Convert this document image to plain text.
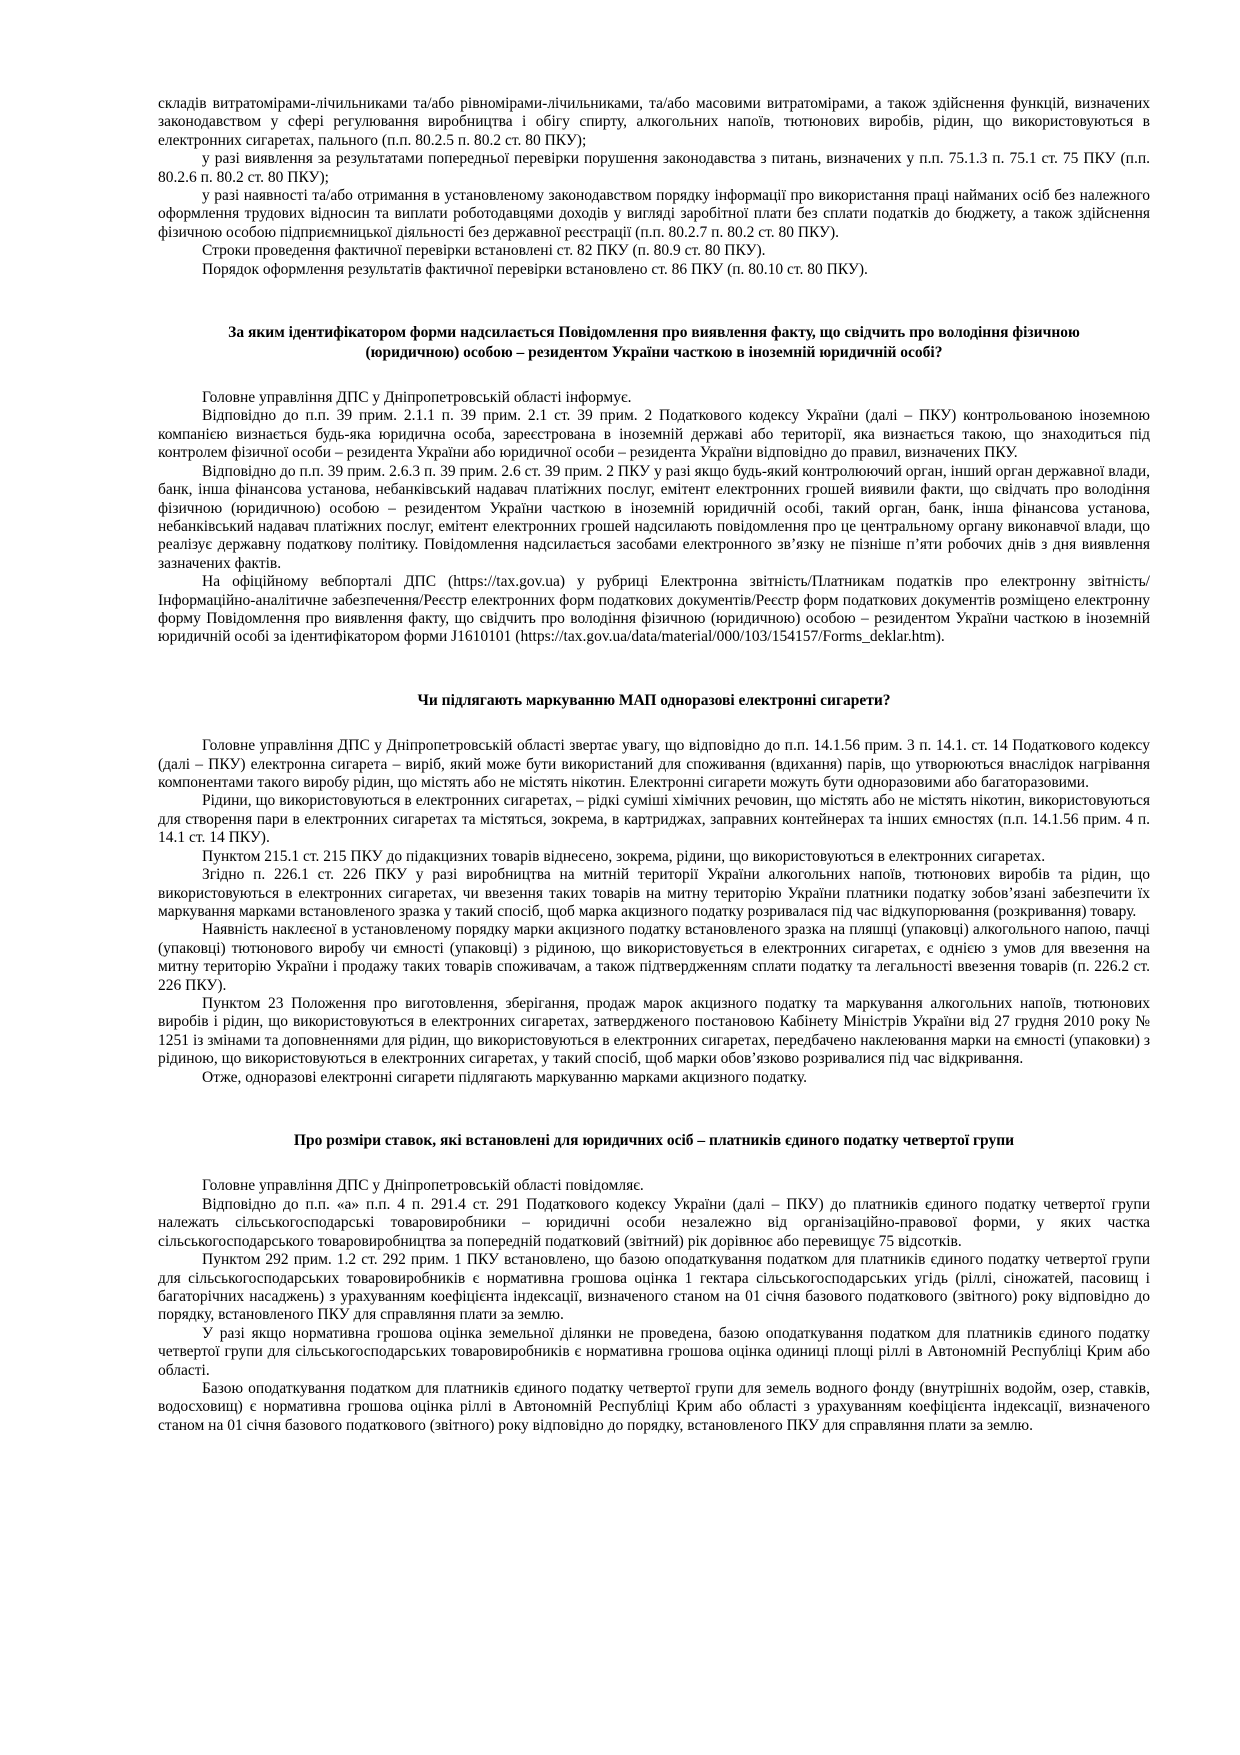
складів витратомірами-лічильниками та/або рівномірами-лічильниками, та/або масовими витратомірами, а також здійснення функцій, визначених законодавством у сфері регулювання виробництва і обігу спирту, алкогольних напоїв, тютюнових виробів, рідин, що використовуються в електронних сигаретах, пального (п.п. 80.2.5 п. 80.2 ст. 80 ПКУ);

у разі виявлення за результатами попередньої перевірки порушення законодавства з питань, визначених у п.п. 75.1.3 п. 75.1 ст. 75 ПКУ (п.п. 80.2.6 п. 80.2 ст. 80 ПКУ);

у разі наявності та/або отримання в установленому законодавством порядку інформації про використання праці найманих осіб без належного оформлення трудових відносин та виплати роботодавцями доходів у вигляді заробітної плати без сплати податків до бюджету, а також здійснення фізичною особою підприємницької діяльності без державної реєстрації (п.п. 80.2.7 п. 80.2 ст. 80 ПКУ).

Строки проведення фактичної перевірки встановлені ст. 82 ПКУ (п. 80.9 ст. 80 ПКУ).

Порядок оформлення результатів фактичної перевірки встановлено ст. 86 ПКУ (п. 80.10 ст. 80 ПКУ).

За яким ідентифікатором форми надсилається Повідомлення про виявлення факту, що свідчить про володіння фізичною (юридичною) особою – резидентом України часткою в іноземній юридичній особі?

Головне управління ДПС у Дніпропетровській області інформує.

Відповідно до п.п. 39 прим. 2.1.1 п. 39 прим. 2.1 ст. 39 прим. 2 Податкового кодексу України (далі – ПКУ) контрольованою іноземною компанією визнається будь-яка юридична особа, зареєстрована в іноземній державі або території, яка визнається такою, що знаходиться під контролем фізичної особи – резидента України або юридичної особи – резидента України відповідно до правил, визначених ПКУ.

Відповідно до п.п. 39 прим. 2.6.3 п. 39 прим. 2.6 ст. 39 прим. 2 ПКУ у разі якщо будь-який контролюючий орган, інший орган державної влади, банк, інша фінансова установа, небанківський надавач платіжних послуг, емітент електронних грошей виявили факти, що свідчать про володіння фізичною (юридичною) особою – резидентом України часткою в іноземній юридичній особі, такий орган, банк, інша фінансова установа, небанківський надавач платіжних послуг, емітент електронних грошей надсилають повідомлення про це центральному органу виконавчої влади, що реалізує державну податкову політику. Повідомлення надсилається засобами електронного зв’язку не пізніше п’яти робочих днів з дня виявлення зазначених фактів.

На офіційному вебпорталі ДПС (https://tax.gov.ua) у рубриці Електронна звітність/Платникам податків про електронну звітність/Інформаційно-аналітичне забезпечення/Реєстр електронних форм податкових документів/Реєстр форм податкових документів розміщено електронну форму Повідомлення про виявлення факту, що свідчить про володіння фізичною (юридичною) особою – резидентом України часткою в іноземній юридичній особі за ідентифікатором форми J1610101 (https://tax.gov.ua/data/material/000/103/154157/Forms_deklar.htm).

Чи підлягають маркуванню МАП одноразові електронні сигарети?

Головне управління ДПС у Дніпропетровській області звертає увагу, що відповідно до п.п. 14.1.56 прим. 3 п. 14.1. ст. 14 Податкового кодексу (далі – ПКУ) електронна сигарета – виріб, який може бути використаний для споживання (вдихання) парів, що утворюються внаслідок нагрівання компонентами такого виробу рідин, що містять або не містять нікотин. Електронні сигарети можуть бути одноразовими або багаторазовими.

Рідини, що використовуються в електронних сигаретах, – рідкі суміші хімічних речовин, що містять або не містять нікотин, використовуються для створення пари в електронних сигаретах та містяться, зокрема, в картриджах, заправних контейнерах та інших ємностях (п.п. 14.1.56 прим. 4 п. 14.1 ст. 14 ПКУ).

Пунктом 215.1 ст. 215 ПКУ до підакцизних товарів віднесено, зокрема, рідини, що використовуються в електронних сигаретах.

Згідно п. 226.1 ст. 226 ПКУ у разі виробництва на митній території України алкогольних напоїв, тютюнових виробів та рідин, що використовуються в електронних сигаретах, чи ввезення таких товарів на митну територію України платники податку зобов’язані забезпечити їх маркування марками встановленого зразка у такий спосіб, щоб марка акцизного податку розривалася під час відкупорювання (розкривання) товару.

Наявність наклеєної в установленому порядку марки акцизного податку встановленого зразка на пляшці (упаковці) алкогольного напою, пачці (упаковці) тютюнового виробу чи ємності (упаковці) з рідиною, що використовується в електронних сигаретах, є однією з умов для ввезення на митну територію України і продажу таких товарів споживачам, а також підтвердженням сплати податку та легальності ввезення товарів (п. 226.2 ст. 226 ПКУ).

Пунктом 23 Положення про виготовлення, зберігання, продаж марок акцизного податку та маркування алкогольних напоїв, тютюнових виробів і рідин, що використовуються в електронних сигаретах, затвердженого постановою Кабінету Міністрів України від 27 грудня 2010 року № 1251 із змінами та доповненнями для рідин, що використовуються в електронних сигаретах, передбачено наклеювання марки на ємності (упаковки) з рідиною, що використовуються в електронних сигаретах, у такий спосіб, щоб марки обов’язково розривалися під час відкривання.

Отже, одноразові електронні сигарети підлягають маркуванню марками акцизного податку.

Про розміри ставок, які встановлені для юридичних осіб – платників єдиного податку четвертої групи

Головне управління ДПС у Дніпропетровській області повідомляє.

Відповідно до п.п. «а» п.п. 4 п. 291.4 ст. 291 Податкового кодексу України (далі – ПКУ) до платників єдиного податку четвертої групи належать сільськогосподарські товаровиробники – юридичні особи незалежно від організаційно-правової форми, у яких частка сільськогосподарського товаровиробництва за попередній податковий (звітний) рік дорівнює або перевищує 75 відсотків.

Пунктом 292 прим. 1.2 ст. 292 прим. 1 ПКУ встановлено, що базою оподаткування податком для платників єдиного податку четвертої групи для сільськогосподарських товаровиробників є нормативна грошова оцінка 1 гектара сільськогосподарських угідь (ріллі, сіножатей, пасовищ і багаторічних насаджень) з урахуванням коефіцієнта індексації, визначеного станом на 01 січня базового податкового (звітного) року відповідно до порядку, встановленого ПКУ для справляння плати за землю.

У разі якщо нормативна грошова оцінка земельної ділянки не проведена, базою оподаткування податком для платників єдиного податку четвертої групи для сільськогосподарських товаровиробників є нормативна грошова оцінка одиниці площі ріллі в Автономній Республіці Крим або області.

Базою оподаткування податком для платників єдиного податку четвертої групи для земель водного фонду (внутрішніх водойм, озер, ставків, водосховищ) є нормативна грошова оцінка ріллі в Автономній Республіці Крим або області з урахуванням коефіцієнта індексації, визначеного станом на 01 січня базового податкового (звітного) року відповідно до порядку, встановленого ПКУ для справляння плати за землю.
